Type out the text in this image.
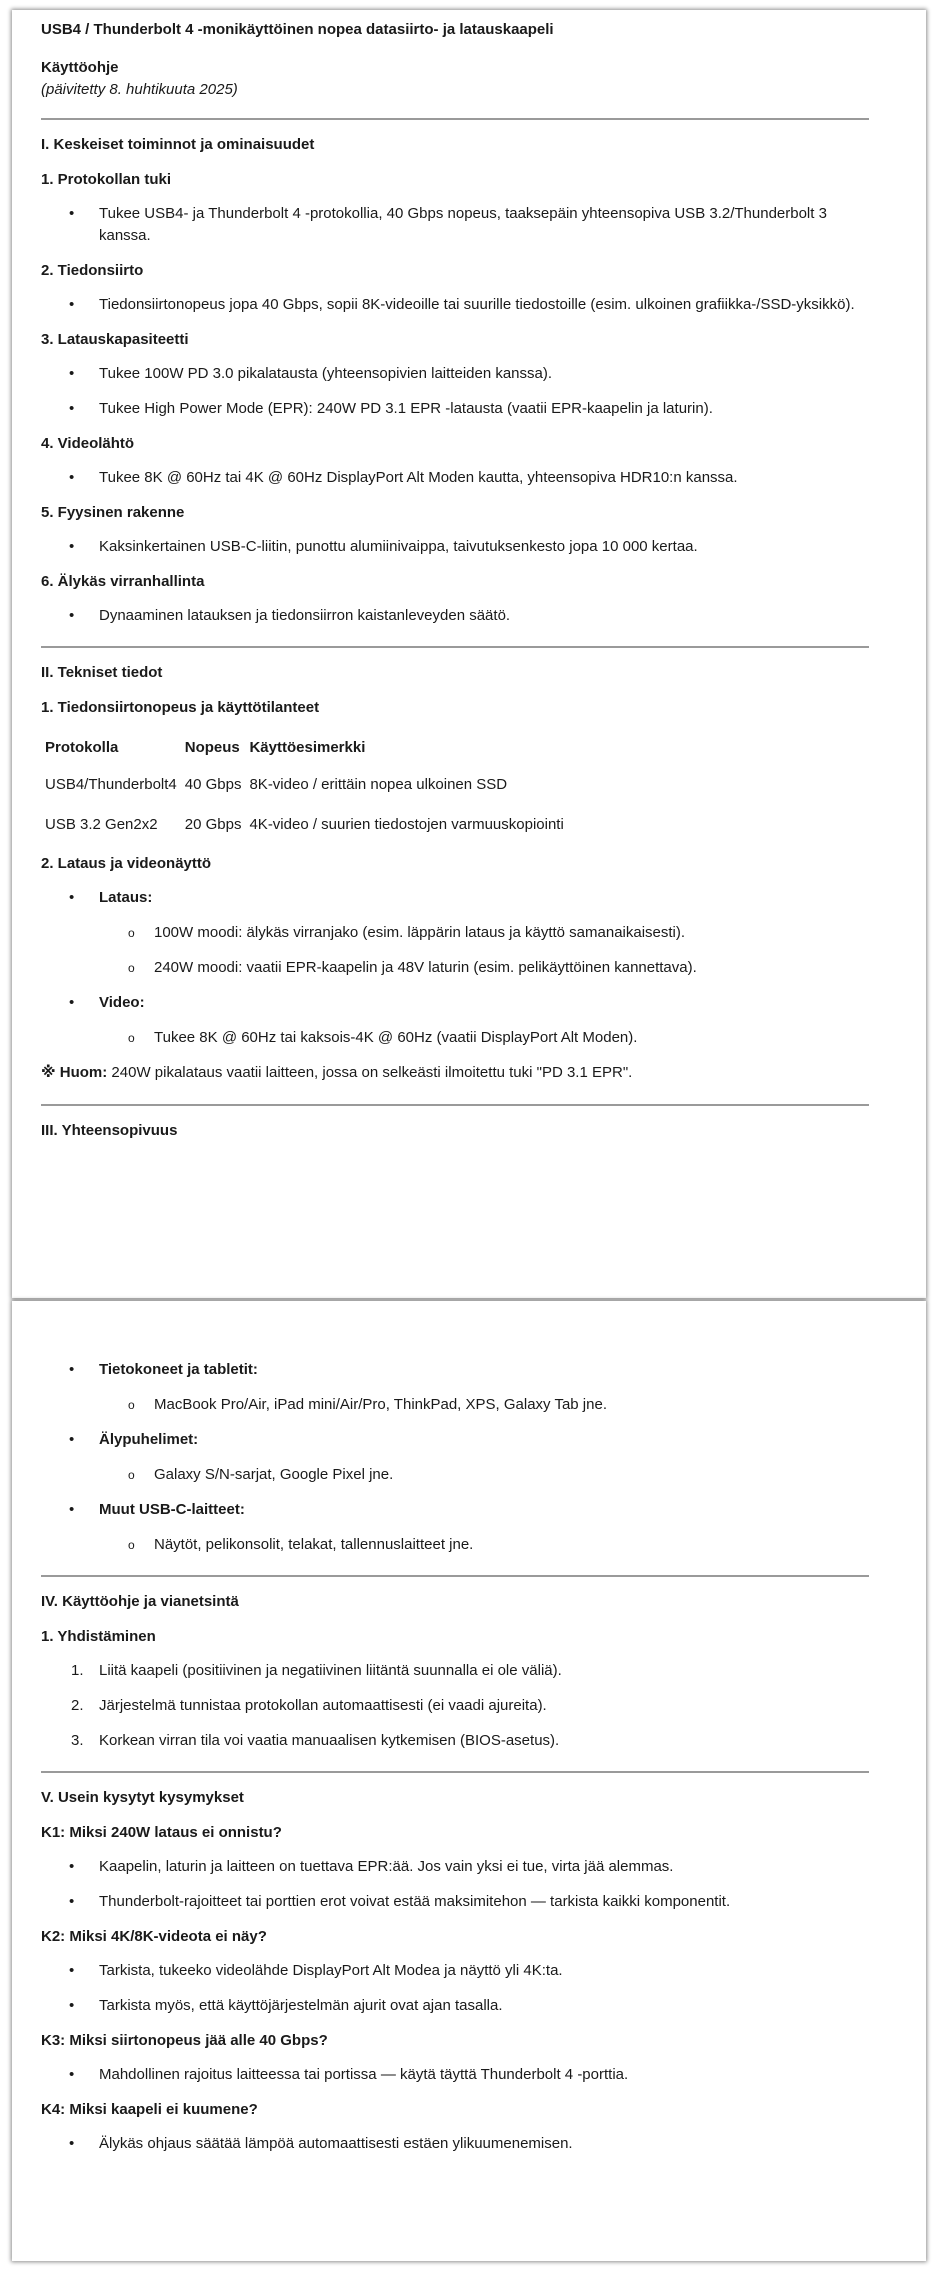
USB4 / Thunderbolt 4 -monikäyttöinen nopea datasiirto- ja latauskaapeli
Käyttöohje
(päivitetty 8. huhtikuuta 2025)
I. Keskeiset toiminnot ja ominaisuudet
1. Protokollan tuki
• Tukee USB4- ja Thunderbolt 4 -protokollia, 40 Gbps nopeus, taaksepäin yhteensopiva USB 3.2/Thunderbolt 3 kanssa.
2. Tiedonsiirto
• Tiedonsiirtonopeus jopa 40 Gbps, sopii 8K-videoille tai suurille tiedostoille (esim. ulkoinen grafiikka-/SSD-yksikkö).
3. Latauskapasiteetti
• Tukee 100W PD 3.0 pikalatausta (yhteensopivien laitteiden kanssa).
• Tukee High Power Mode (EPR): 240W PD 3.1 EPR -latausta (vaatii EPR-kaapelin ja laturin).
4. Videolähtö
• Tukee 8K @ 60Hz tai 4K @ 60Hz DisplayPort Alt Moden kautta, yhteensopiva HDR10:n kanssa.
5. Fyysinen rakenne
• Kaksinkertainen USB-C-liitin, punottu alumiinivaippa, taivutuksenkesto jopa 10 000 kertaa.
6. Älykäs virranhallinta
• Dynaaminen latauksen ja tiedonsiirron kaistanleveyden säätö.
II. Tekniset tiedot
1. Tiedonsiirtonopeus ja käyttötilanteet
Protokolla	Nopeus	Käyttöesimerkki
USB4/Thunderbolt4	40 Gbps	8K-video / erittäin nopea ulkoinen SSD
USB 3.2 Gen2x2	20 Gbps	4K-video / suurien tiedostojen varmuuskopiointi
2. Lataus ja videonäyttö
• Lataus:
o 100W moodi: älykäs virranjako (esim. läppärin lataus ja käyttö samanaikaisesti).
o 240W moodi: vaatii EPR-kaapelin ja 48V laturin (esim. pelikäyttöinen kannettava).
• Video:
o Tukee 8K @ 60Hz tai kaksois-4K @ 60Hz (vaatii DisplayPort Alt Moden).
※ Huom: 240W pikalataus vaatii laitteen, jossa on selkeästi ilmoitettu tuki "PD 3.1 EPR".
III. Yhteensopivuus
• Tietokoneet ja tabletit:
o MacBook Pro/Air, iPad mini/Air/Pro, ThinkPad, XPS, Galaxy Tab jne.
• Älypuhelimet:
o Galaxy S/N-sarjat, Google Pixel jne.
• Muut USB-C-laitteet:
o Näytöt, pelikonsolit, telakat, tallennuslaitteet jne.
IV. Käyttöohje ja vianetsintä
1. Yhdistäminen
1. Liitä kaapeli (positiivinen ja negatiivinen liitäntä suunnalla ei ole väliä).
2. Järjestelmä tunnistaa protokollan automaattisesti (ei vaadi ajureita).
3. Korkean virran tila voi vaatia manuaalisen kytkemisen (BIOS-asetus).
V. Usein kysytyt kysymykset
K1: Miksi 240W lataus ei onnistu?
• Kaapelin, laturin ja laitteen on tuettava EPR:ää. Jos vain yksi ei tue, virta jää alemmas.
• Thunderbolt-rajoitteet tai porttien erot voivat estää maksimitehon — tarkista kaikki komponentit.
K2: Miksi 4K/8K-videota ei näy?
• Tarkista, tukeeko videolähde DisplayPort Alt Modea ja näyttö yli 4K:ta.
• Tarkista myös, että käyttöjärjestelmän ajurit ovat ajan tasalla.
K3: Miksi siirtonopeus jää alle 40 Gbps?
• Mahdollinen rajoitus laitteessa tai portissa — käytä täyttä Thunderbolt 4 -porttia.
K4: Miksi kaapeli ei kuumene?
• Älykäs ohjaus säätää lämpöä automaattisesti estäen ylikuumenemisen.
